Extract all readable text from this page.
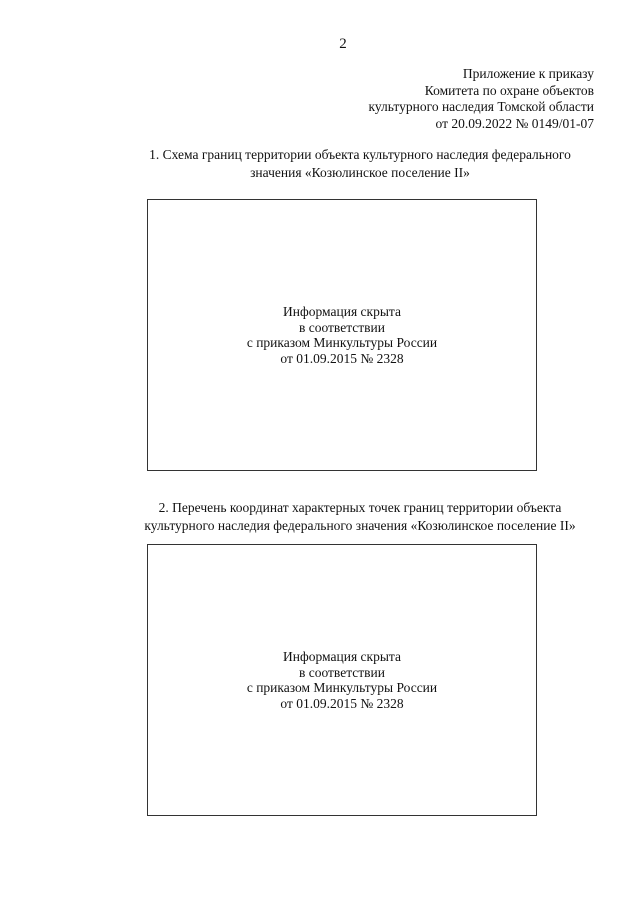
2
Приложение к приказу
Комитета по охране объектов
культурного наследия Томской области
от 20.09.2022 № 0149/01-07
1. Схема границ территории объекта культурного наследия федерального
значения «Козюлинское поселение II»
Информация скрыта
в соответствии
с приказом Минкультуры России
от 01.09.2015 № 2328
2. Перечень координат характерных точек границ территории объекта
культурного наследия федерального значения «Козюлинское поселение II»
Информация скрыта
в соответствии
с приказом Минкультуры России
от 01.09.2015 № 2328
